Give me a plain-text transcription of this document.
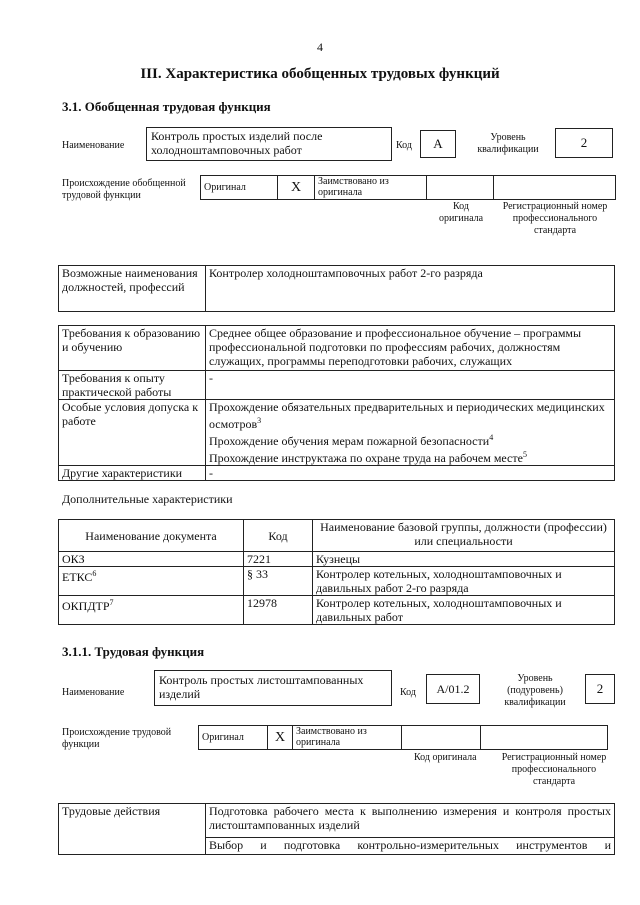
4
III. Характеристика обобщенных трудовых функций
3.1. Обобщенная трудовая функция
Наименование
Контроль простых изделий после холодноштамповочных работ	Код	А	Уровень квалификации	2
Происхождение обобщенной трудовой функции
Оригинал	X	Заимствовано из оригинала		
Код оригинала
Регистрационный номер профессионального стандарта
Возможные наименования должностей, профессий	Контролер холодноштамповочных работ 2-го разряда
Требования к образованию и обучению	Среднее общее образование и профессиональное обучение – программы профессиональной подготовки по профессиям рабочих, должностям служащих, программы переподготовки рабочих, служащих
Требования к опыту практической работы	-
Особые условия допуска к работе	Прохождение обязательных предварительных и периодических медицинских осмотров$^3$
Прохождение обучения мерам пожарной безопасности$^4$
Прохождение инструктажа по охране труда на рабочем месте$^5$
Другие характеристики	-
Дополнительные характеристики
Наименование документа	Код	Наименование базовой группы, должности (профессии) или специальности
ОКЗ	7221	Кузнецы
ЕТКС$^6$	§ 33	Контролер котельных, холодноштамповочных и давильных работ 2-го разряда
ОКПДТР$^7$	12978	Контролер котельных, холодноштамповочных и давильных работ
3.1.1. Трудовая функция
Наименование
Контроль простых листоштампованных изделий	Код	А/01.2
Уровень (подуровень) квалификации
2
Происхождение трудовой функции
Оригинал	X	Заимствовано из оригинала		
Код оригинала	Регистрационный номер профессионального стандарта
Трудовые действия	Подготовка рабочего места к выполнению измерения и контроля простых листоштампованных изделий
Выбор и подготовка контрольно-измерительных инструментов и
